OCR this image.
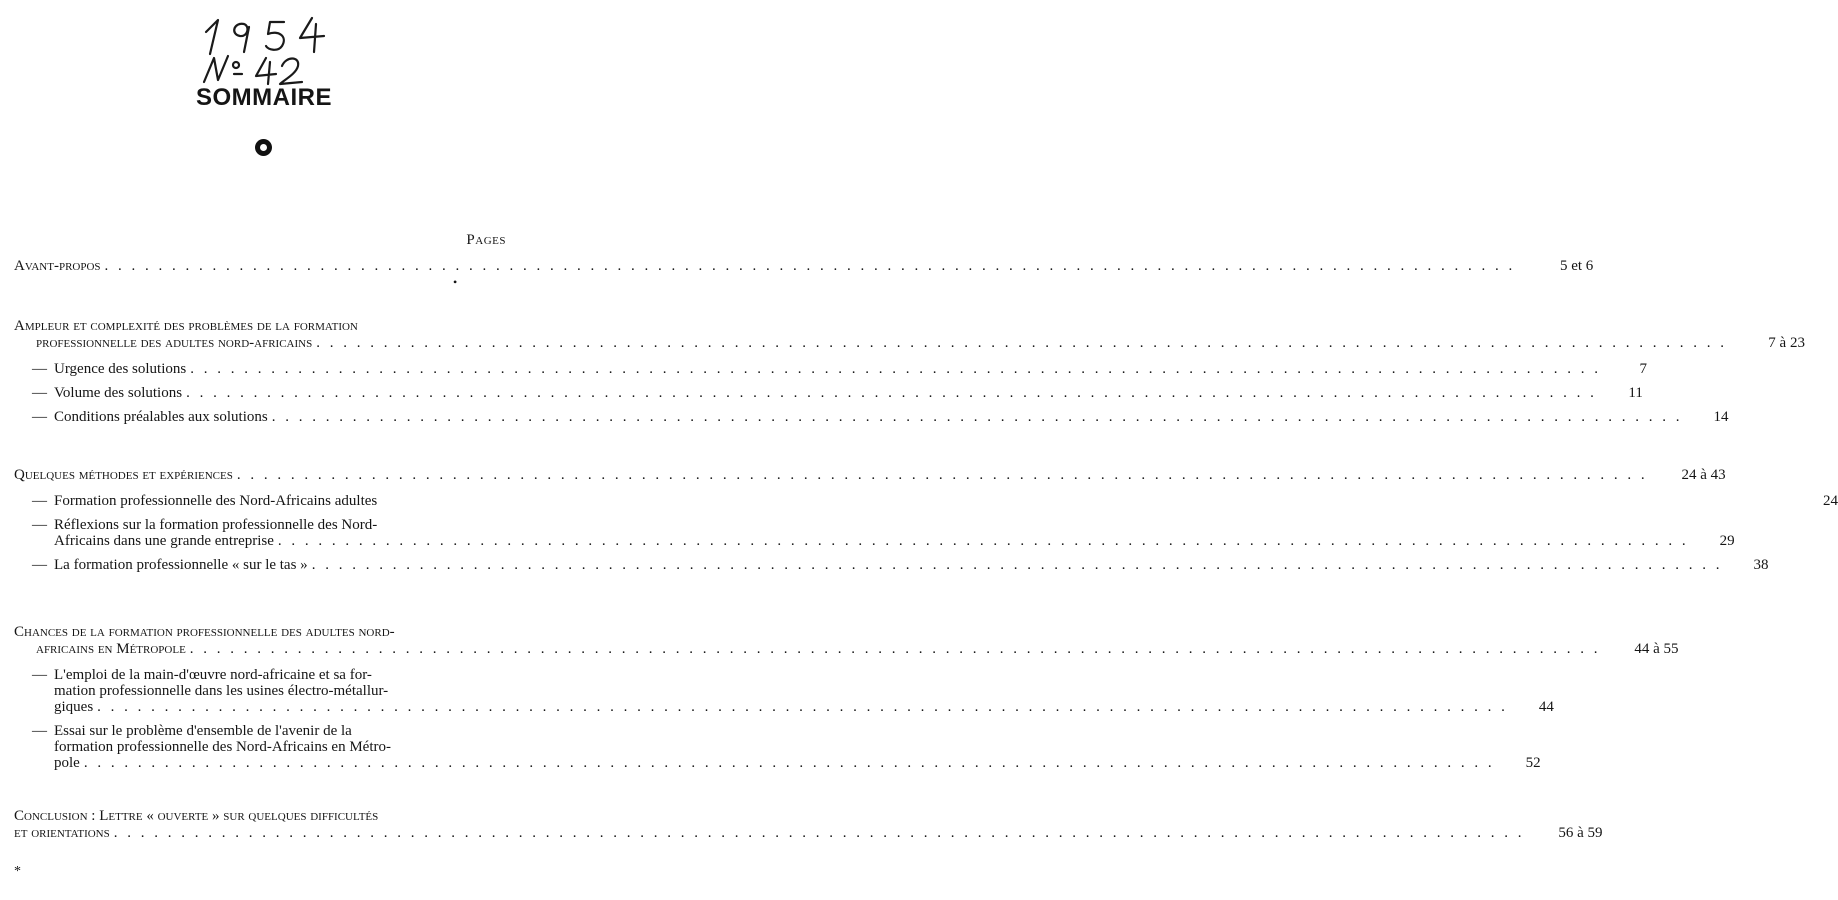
SOMMAIRE
Pages
Avant-propos . . .	5 et 6
•
Ampleur et complexité des problèmes de la formation
professionnelle des adultes nord-africains . . .	7 à 23
— Urgence des solutions . . .	7
— Volume des solutions . . .	11
— Conditions préalables aux solutions . . .	14
Quelques méthodes et expériences . . .	24 à 43
— Formation professionnelle des Nord-Africains adultes	24
— Réflexions sur la formation professionnelle des Nord-
Africains dans une grande entreprise . . .	29
— La formation professionnelle « sur le tas » . . .	38
Chances de la formation professionnelle des adultes nord-
africains en Métropole . . .	44 à 55
— L'emploi de la main-d'œuvre nord-africaine et sa for-
mation professionnelle dans les usines électro-métallur-
giques . . .	44
— Essai sur le problème d'ensemble de l'avenir de la
formation professionnelle des Nord-Africains en Métro-
pole . . .	52
Conclusion : Lettre « ouverte » sur quelques difficultés
et orientations . . .	56 à 59
*
